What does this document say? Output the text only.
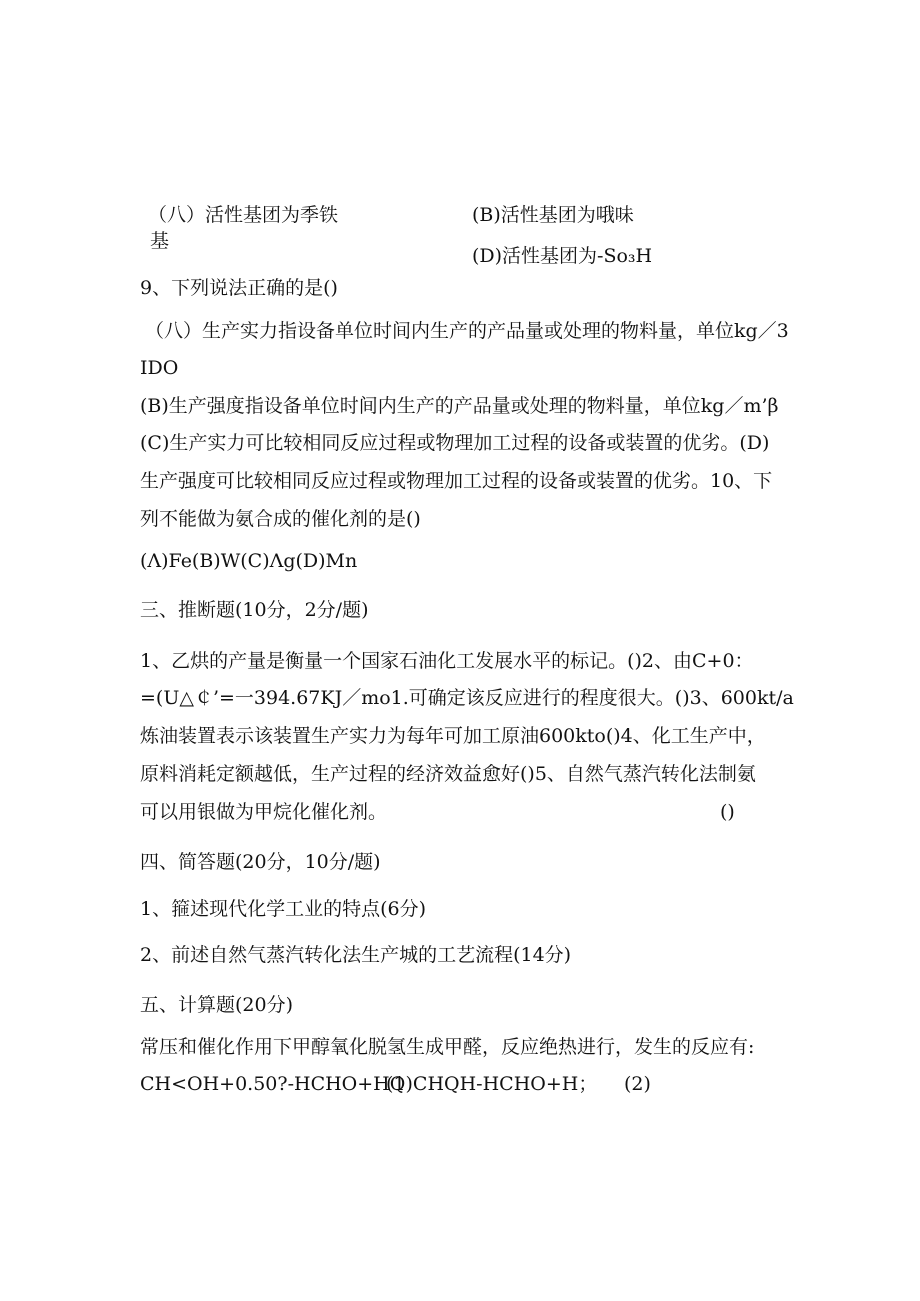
（八）活性基团为季铁
基
(B)活性基团为哦味
(D)活性基团为-So₃H
9、下列说法正确的是()
（八）生产实力指设备单位时间内生产的产品量或处理的物料量，单位kg／3
IDO
(B)生产强度指设备单位时间内生产的产品量或处理的物料量，单位kg／m’β
(C)生产实力可比较相同反应过程或物理加工过程的设备或装置的优劣。(D)
生产强度可比较相同反应过程或物理加工过程的设备或装置的优劣。10、下
列不能做为氨合成的催化剂的是()
(Λ)Fe(B)W(C)Λg(D)Mn
三、推断题(10分，2分/题)
1、乙烘的产量是衡量一个国家石油化工发展水平的标记。()2、由C+0：
=(U△￠’=一394.67KJ／mo1.可确定该反应进行的程度很大。()3、600kt/a
炼油装置表示该装置生产实力为每年可加工原油600kto()4、化工生产中，
原料消耗定额越低，生产过程的经济效益愈好()5、自然气蒸汽转化法制氨
可以用银做为甲烷化催化剂。	()
四、简答题(20分，10分/题)
1、箍述现代化学工业的特点(6分)
2、前述自然气蒸汽转化法生产城的工艺流程(14分)
五、计算题(20分)
常压和催化作用下甲醇氧化脱氢生成甲醛，反应绝热进行，发生的反应有:
CH<OH+0.50?-HCHO+HQ
(1)CHQH-HCHO+H； (2)
